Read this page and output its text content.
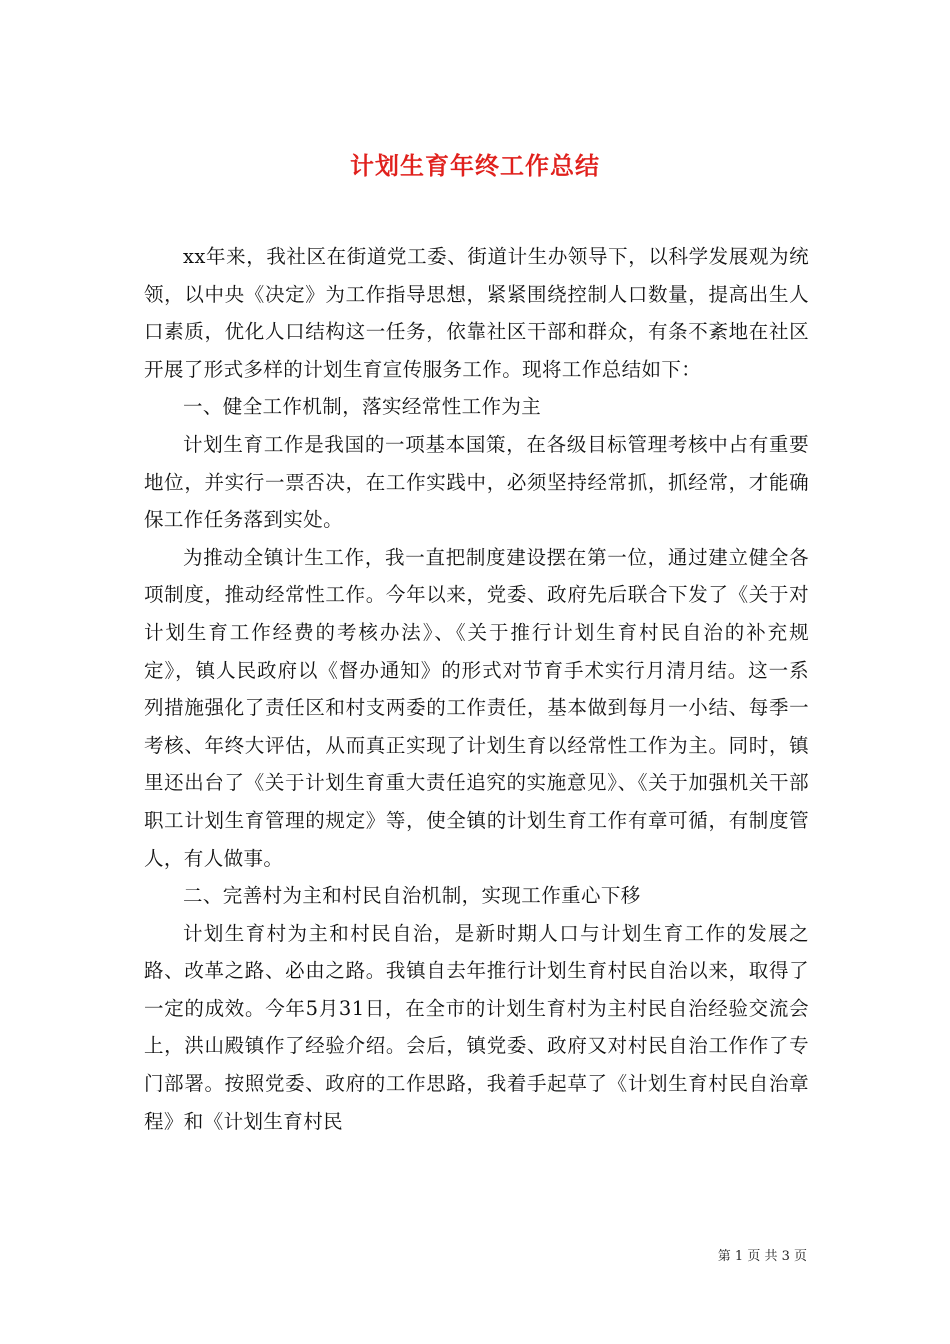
计划生育年终工作总结

xx年来，我社区在街道党工委、街道计生办领导下，以科学发展观为统领，以中央《决定》为工作指导思想，紧紧围绕控制人口数量，提高出生人口素质，优化人口结构这一任务，依靠社区干部和群众，有条不紊地在社区开展了形式多样的计划生育宣传服务工作。现将工作总结如下：

一、健全工作机制，落实经常性工作为主

计划生育工作是我国的一项基本国策，在各级目标管理考核中占有重要地位，并实行一票否决，在工作实践中，必须坚持经常抓，抓经常，才能确保工作任务落到实处。

为推动全镇计生工作，我一直把制度建设摆在第一位，通过建立健全各项制度，推动经常性工作。今年以来，党委、政府先后联合下发了《关于对计划生育工作经费的考核办法》、《关于推行计划生育村民自治的补充规定》，镇人民政府以《督办通知》的形式对节育手术实行月清月结。这一系列措施强化了责任区和村支两委的工作责任，基本做到每月一小结、每季一考核、年终大评估，从而真正实现了计划生育以经常性工作为主。同时，镇里还出台了《关于计划生育重大责任追究的实施意见》、《关于加强机关干部职工计划生育管理的规定》等，使全镇的计划生育工作有章可循，有制度管人，有人做事。

二、完善村为主和村民自治机制，实现工作重心下移

计划生育村为主和村民自治，是新时期人口与计划生育工作的发展之路、改革之路、必由之路。我镇自去年推行计划生育村民自治以来，取得了一定的成效。今年5月31日，在全市的计划生育村为主村民自治经验交流会上，洪山殿镇作了经验介绍。会后，镇党委、政府又对村民自治工作作了专门部署。按照党委、政府的工作思路，我着手起草了《计划生育村民自治章程》和《计划生育村民

第 1 页 共 3 页
